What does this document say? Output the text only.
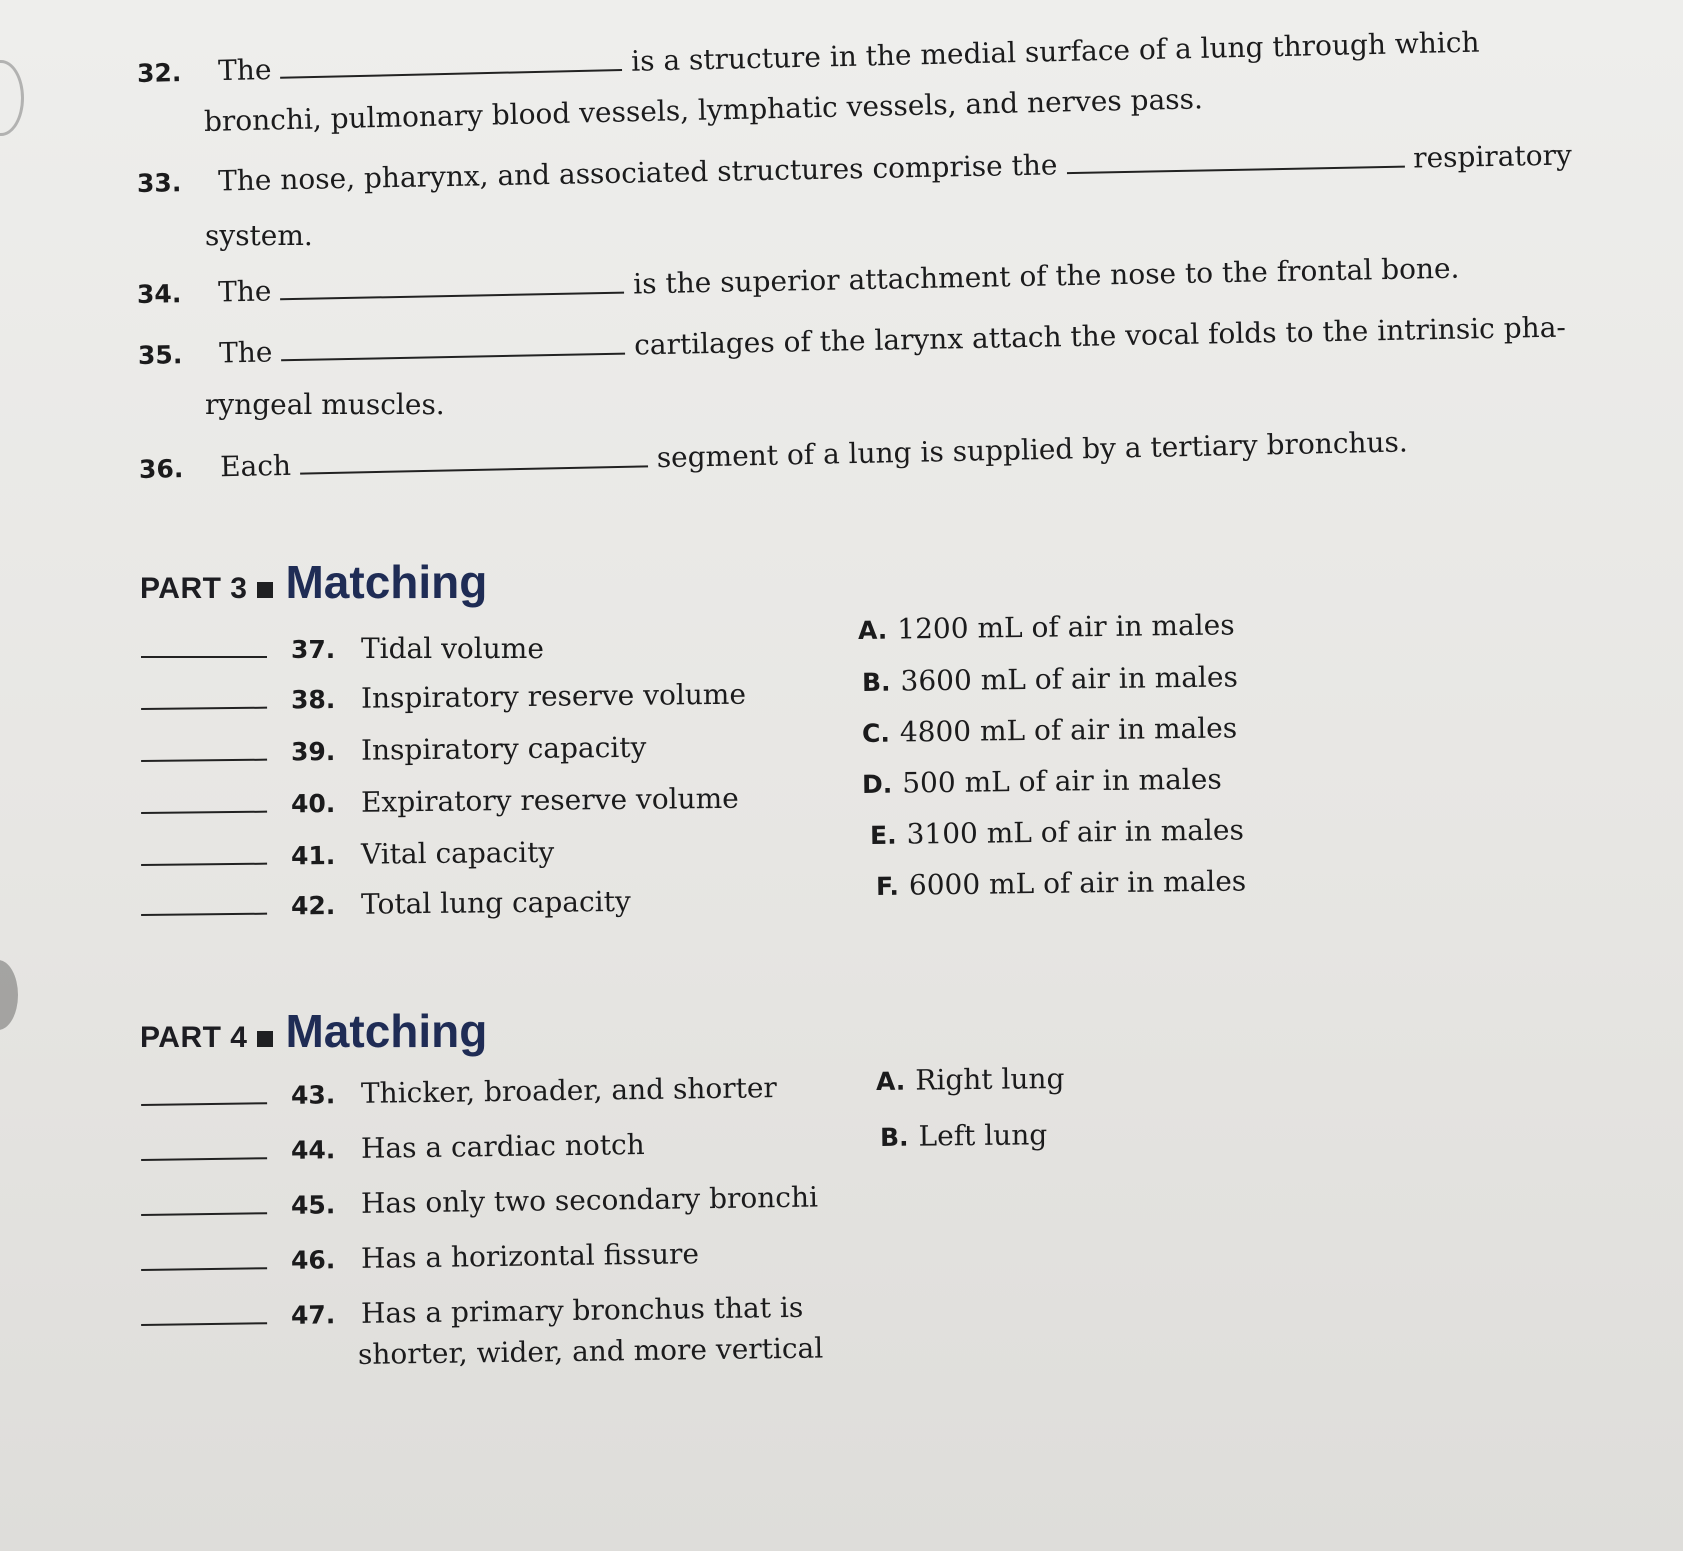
32. The	is a structure in the medial surface of a lung through which
bronchi, pulmonary blood vessels, lymphatic vessels, and nerves pass.
33. The nose, pharynx, and associated structures comprise the	respiratory
system.
34. The	is the superior attachment of the nose to the frontal bone.
35. The	cartilages of the larynx attach the vocal folds to the intrinsic pha-
ryngeal muscles.
36. Each	segment of a lung is supplied by a tertiary bronchus.
PART 3 Matching
37. Tidal volume
38. Inspiratory reserve volume
39. Inspiratory capacity
40. Expiratory reserve volume
41. Vital capacity
42. Total lung capacity
A. 1200 mL of air in males
B. 3600 mL of air in males
C. 4800 mL of air in males
D. 500 mL of air in males
E. 3100 mL of air in males
F. 6000 mL of air in males
PART 4 Matching
43. Thicker, broader, and shorter
44. Has a cardiac notch
45. Has only two secondary bronchi
46. Has a horizontal fissure
47. Has a primary bronchus that is
shorter, wider, and more vertical
A. Right lung
B. Left lung
